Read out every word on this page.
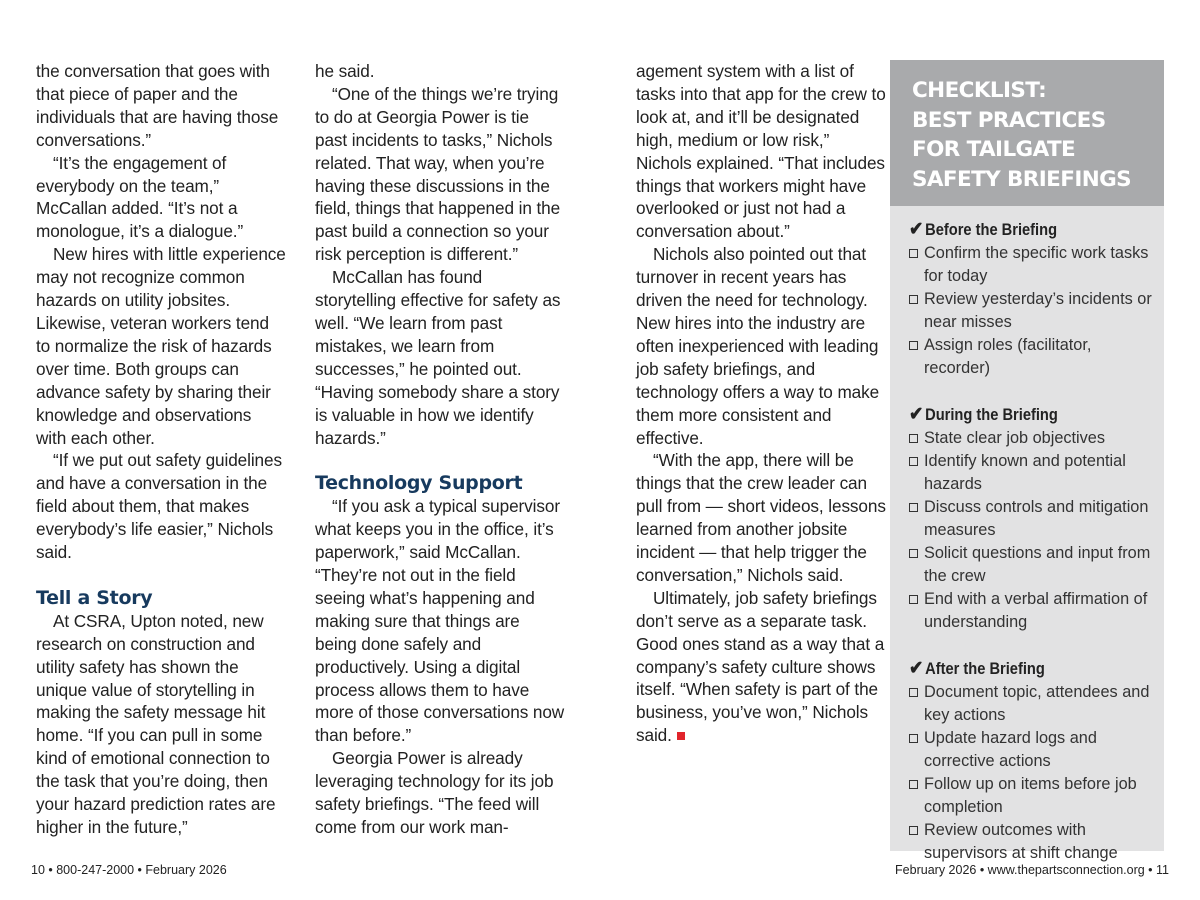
the conversation that goes with that piece of paper and the individuals that are having those conversations.”

“It’s the engagement of everybody on the team,” McCallan added. “It’s not a monologue, it’s a dialogue.”

New hires with little experience may not recognize common hazards on utility jobsites. Likewise, veteran workers tend to normalize the risk of hazards over time. Both groups can advance safety by sharing their knowledge and observations with each other.

“If we put out safety guidelines and have a conversation in the field about them, that makes everybody’s life easier,” Nichols said.

Tell a Story

At CSRA, Upton noted, new research on construction and utility safety has shown the unique value of storytelling in making the safety message hit home. “If you can pull in some kind of emotional connection to the task that you’re doing, then your hazard prediction rates are higher in the future,”

he said.

“One of the things we’re trying to do at Georgia Power is tie past incidents to tasks,” Nichols related. That way, when you’re having these discussions in the field, things that happened in the past build a connection so your risk perception is different.”

McCallan has found storytelling effective for safety as well. “We learn from past mistakes, we learn from successes,” he pointed out. “Having somebody share a story is valuable in how we identify hazards.”

Technology Support

“If you ask a typical supervisor what keeps you in the office, it’s paperwork,” said McCallan. “They’re not out in the field seeing what’s happening and making sure that things are being done safely and productively. Using a digital process allows them to have more of those conversations now than before.”

Georgia Power is already leveraging technology for its job safety briefings. “The feed will come from our work man-

agement system with a list of tasks into that app for the crew to look at, and it’ll be designated high, medium or low risk,” Nichols explained. “That includes things that workers might have overlooked or just not had a conversation about.”

Nichols also pointed out that turnover in recent years has driven the need for technology. New hires into the industry are often inexperienced with leading job safety briefings, and technology offers a way to make them more consistent and effective.

“With the app, there will be things that the crew leader can pull from — short videos, lessons learned from another jobsite incident — that help trigger the conversation,” Nichols said.

Ultimately, job safety briefings don’t serve as a separate task. Good ones stand as a way that a company’s safety culture shows itself. “When safety is part of the business, you’ve won,” Nichols said.

CHECKLIST:
BEST PRACTICES
FOR TAILGATE
SAFETY BRIEFINGS
✔ Before the Briefing
Confirm the specific work tasks for today
Review yesterday’s incidents or near misses
Assign roles (facilitator, recorder)
✔ During the Briefing
State clear job objectives
Identify known and potential hazards
Discuss controls and mitigation measures
Solicit questions and input from the crew
End with a verbal affirmation of understanding
✔ After the Briefing
Document topic, attendees and key actions
Update hazard logs and corrective actions
Follow up on items before job completion
Review outcomes with supervisors at shift change
10 • 800-247-2000 • February 2026	February 2026 • www.thepartsconnection.org • 11
